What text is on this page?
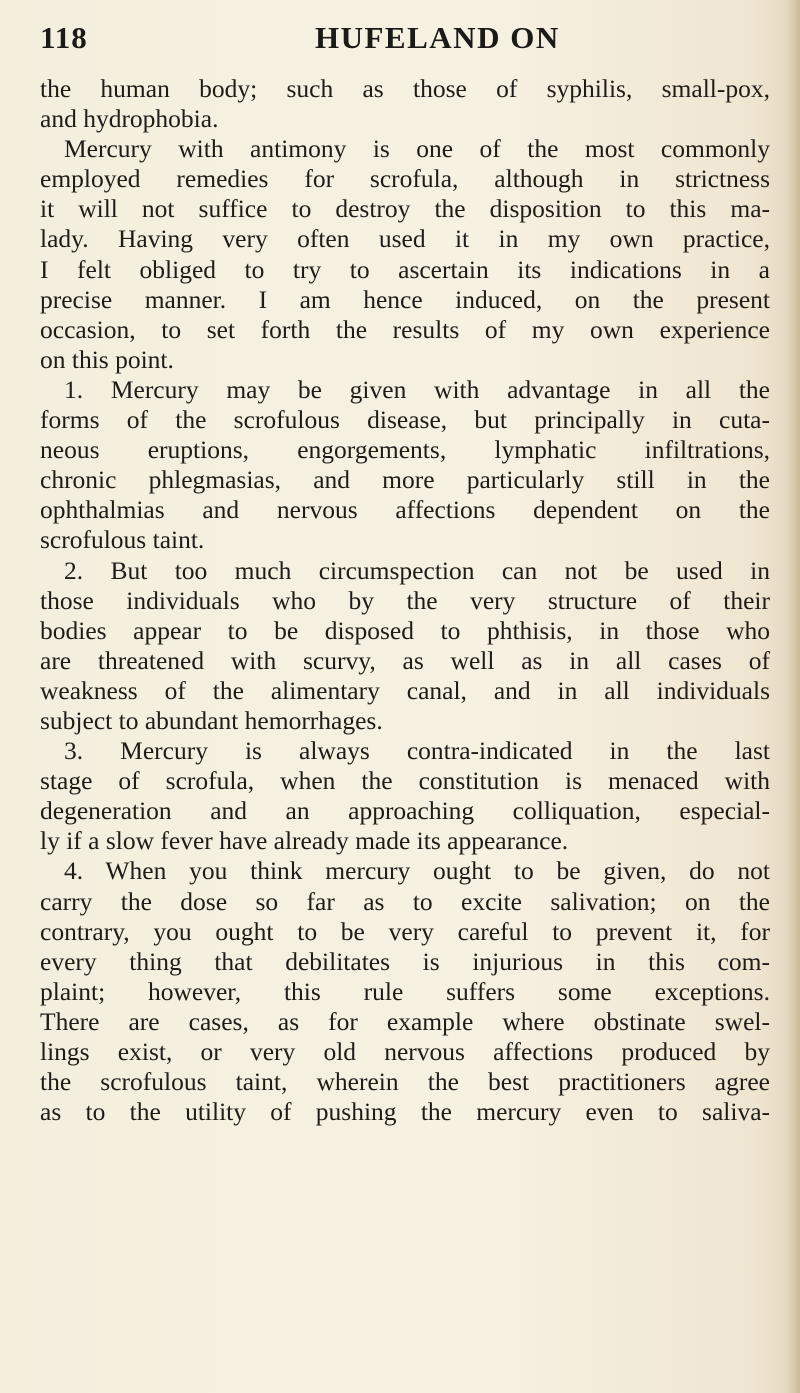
118	HUFELAND ON
the human body; such as those of syphilis, small-pox,
and hydrophobia.
Mercury with antimony is one of the most commonly
employed remedies for scrofula, although in strictness
it will not suffice to destroy the disposition to this ma-
lady. Having very often used it in my own practice,
I felt obliged to try to ascertain its indications in a
precise manner. I am hence induced, on the present
occasion, to set forth the results of my own experience
on this point.
1. Mercury may be given with advantage in all the
forms of the scrofulous disease, but principally in cuta-
neous eruptions, engorgements, lymphatic infiltrations,
chronic phlegmasias, and more particularly still in the
ophthalmias and nervous affections dependent on the
scrofulous taint.
2. But too much circumspection can not be used in
those individuals who by the very structure of their
bodies appear to be disposed to phthisis, in those who
are threatened with scurvy, as well as in all cases of
weakness of the alimentary canal, and in all individuals
subject to abundant hemorrhages.
3. Mercury is always contra-indicated in the last
stage of scrofula, when the constitution is menaced with
degeneration and an approaching colliquation, especial-
ly if a slow fever have already made its appearance.
4. When you think mercury ought to be given, do not
carry the dose so far as to excite salivation; on the
contrary, you ought to be very careful to prevent it, for
every thing that debilitates is injurious in this com-
plaint; however, this rule suffers some exceptions.
There are cases, as for example where obstinate swel-
lings exist, or very old nervous affections produced by
the scrofulous taint, wherein the best practitioners agree
as to the utility of pushing the mercury even to saliva-
